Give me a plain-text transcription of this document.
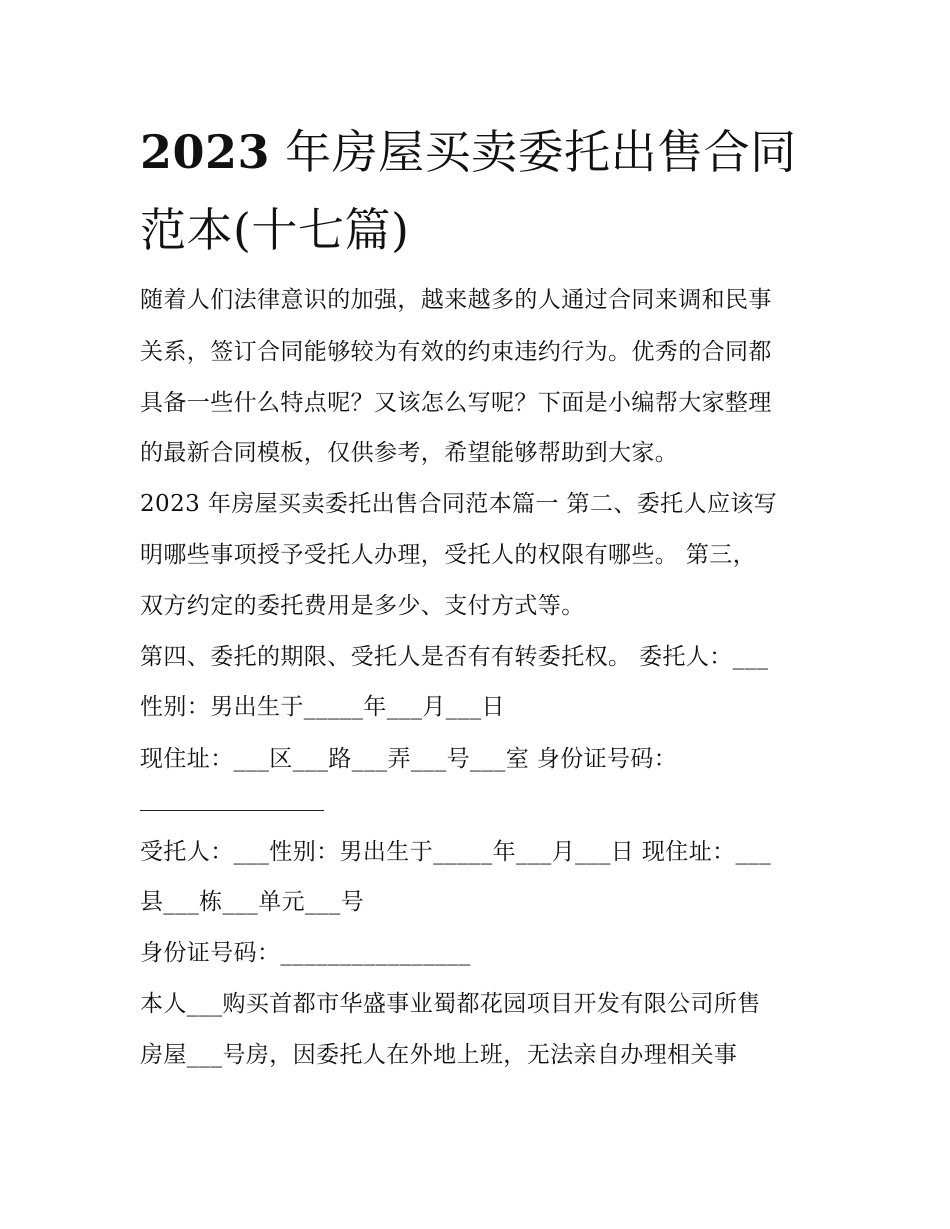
2023 年房屋买卖委托出售合同
范本(十七篇)
随着人们法律意识的加强，越来越多的人通过合同来调和民事
关系，签订合同能够较为有效的约束违约行为。优秀的合同都
具备一些什么特点呢？又该怎么写呢？下面是小编帮大家整理
的最新合同模板，仅供参考，希望能够帮助到大家。
2023 年房屋买卖委托出售合同范本篇一 第二、委托人应该写
明哪些事项授予受托人办理，受托人的权限有哪些。 第三，
双方约定的委托费用是多少、支付方式等。
第四、委托的期限、受托人是否有有转委托权。 委托人：___
性别：男出生于_____年___月___日
现住址：___区___路___弄___号___室 身份证号码：
受托人：___性别：男出生于_____年___月___日 现住址：___
县___栋___单元___号
身份证号码：________________
本人___购买首都市华盛事业蜀都花园项目开发有限公司所售
房屋___号房，因委托人在外地上班，无法亲自办理相关事
